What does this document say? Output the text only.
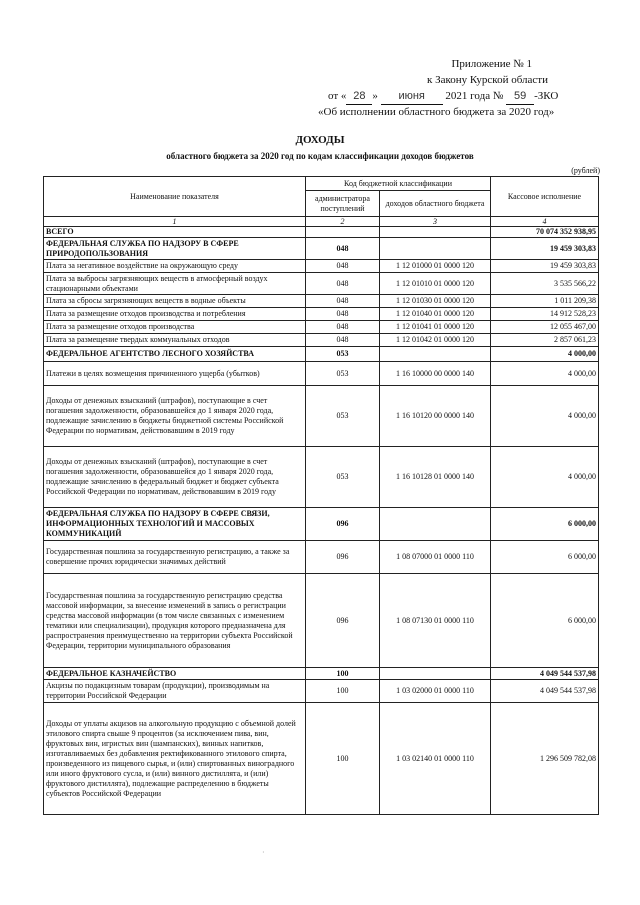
Приложение № 1
к Закону Курской области
от « 28 » июня 2021 года № 59 -ЗКО
«Об исполнении областного бюджета за 2020 год»
ДОХОДЫ
областного бюджета за 2020 год по кодам классификации доходов бюджетов
(рублей)
Наименование показателя	Код бюджетной классификации		Кассовое исполнение
	администратора поступлений	доходов областного бюджета	
1	2	3	4
ВСЕГО			70 074 352 938,95
ФЕДЕРАЛЬНАЯ СЛУЖБА ПО НАДЗОРУ В СФЕРЕ ПРИРОДОПОЛЬЗОВАНИЯ	048		19 459 303,83
Плата за негативное воздействие на окружающую среду	048	1 12 01000 01 0000 120	19 459 303,83
Плата за выбросы загрязняющих веществ в атмосферный воздух стационарными объектами	048	1 12 01010 01 0000 120	3 535 566,22
Плата за сбросы загрязняющих веществ в водные объекты	048	1 12 01030 01 0000 120	1 011 209,38
Плата за размещение отходов производства и потребления	048	1 12 01040 01 0000 120	14 912 528,23
Плата за размещение отходов производства	048	1 12 01041 01 0000 120	12 055 467,00
Плата за размещение твердых коммунальных отходов	048	1 12 01042 01 0000 120	2 857 061,23
ФЕДЕРАЛЬНОЕ АГЕНТСТВО ЛЕСНОГО ХОЗЯЙСТВА	053		4 000,00
Платежи в целях возмещения причиненного ущерба (убытков)	053	1 16 10000 00 0000 140	4 000,00
Доходы от денежных взысканий (штрафов), поступающие в счет погашения задолженности, образовавшейся до 1 января 2020 года, подлежащие зачислению в бюджеты бюджетной системы Российской Федерации по нормативам, действовавшим в 2019 году	053	1 16 10120 00 0000 140	4 000,00
Доходы от денежных взысканий (штрафов), поступающие в счет погашения задолженности, образовавшейся до 1 января 2020 года, подлежащие зачислению в федеральный бюджет и бюджет субъекта Российской Федерации по нормативам, действовавшим в 2019 году	053	1 16 10128 01 0000 140	4 000,00
ФЕДЕРАЛЬНАЯ СЛУЖБА ПО НАДЗОРУ В СФЕРЕ СВЯЗИ, ИНФОРМАЦИОННЫХ ТЕХНОЛОГИЙ И МАССОВЫХ КОММУНИКАЦИЙ	096		6 000,00
Государственная пошлина за государственную регистрацию, а также за совершение прочих юридически значимых действий	096	1 08 07000 01 0000 110	6 000,00
Государственная пошлина за государственную регистрацию средства массовой информации, за внесение изменений в запись о регистрации средства массовой информации (в том числе связанных с изменением тематики или специализации), продукция которого предназначена для распространения преимущественно на территории субъекта Российской Федерации, территории муниципального образования	096	1 08 07130 01 0000 110	6 000,00
ФЕДЕРАЛЬНОЕ КАЗНАЧЕЙСТВО	100		4 049 544 537,98
Акцизы по подакцизным товарам (продукции), производимым на территории Российской Федерации	100	1 03 02000 01 0000 110	4 049 544 537,98
Доходы от уплаты акцизов на алкогольную продукцию с объемной долей этилового спирта свыше 9 процентов (за исключением пива, вин, фруктовых вин, игристых вин (шампанских), винных напитков, изготавливаемых без добавления ректификованного этилового спирта, произведенного из пищевого сырья, и (или) спиртованных виноградного или иного фруктового сусла, и (или) винного дистиллята, и (или) фруктового дистиллята), подлежащие распределению в бюджеты субъектов Российской Федерации	100	1 03 02140 01 0000 110	1 296 509 782,08
·
